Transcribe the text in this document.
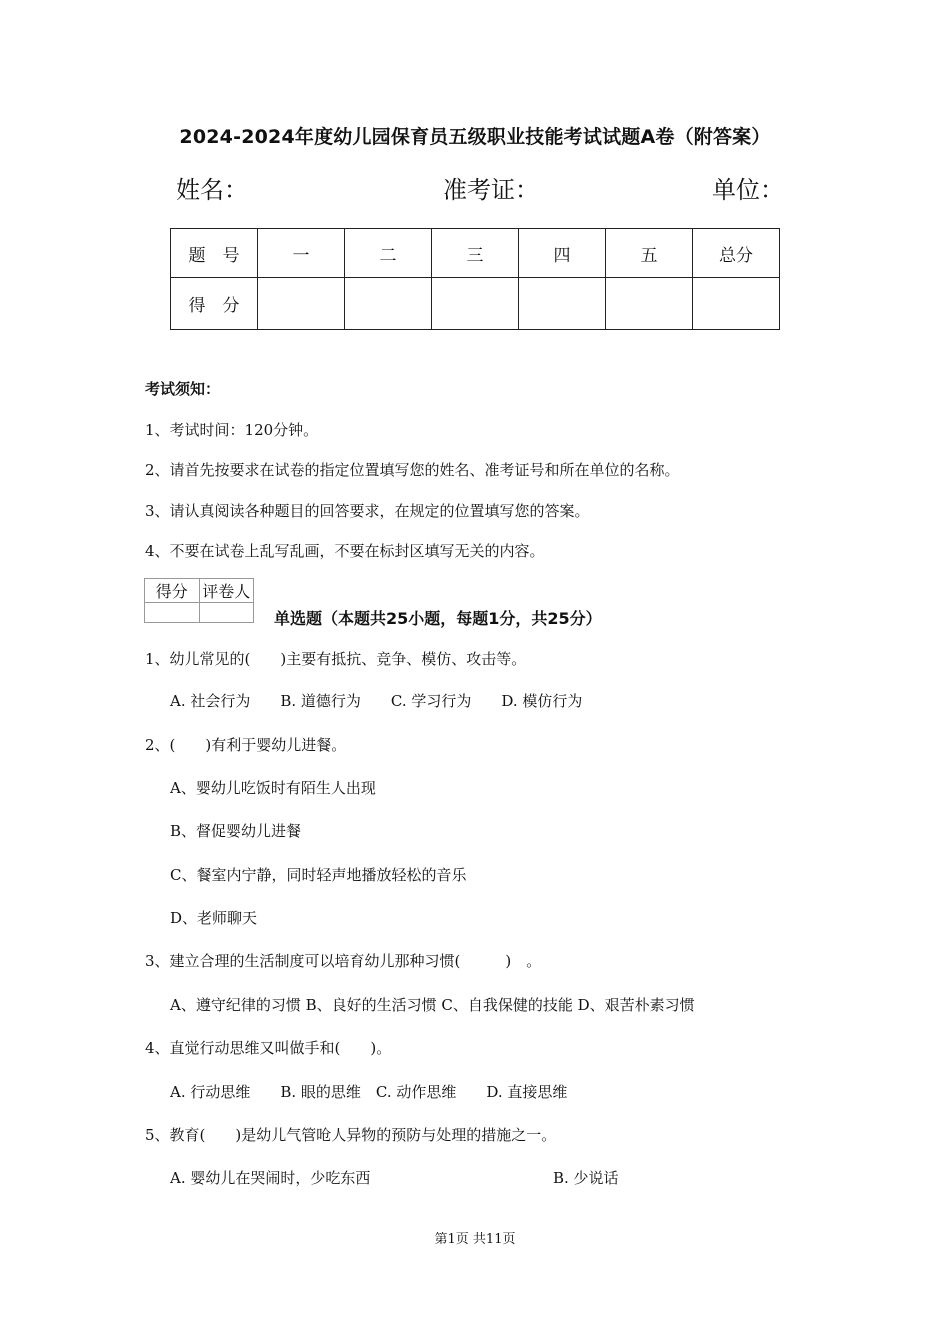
2024-2024年度幼儿园保育员五级职业技能考试试题A卷（附答案）
姓名：	准考证：	单位：
题　号	一	二	三	四	五	总分
得　分						
考试须知：
1、考试时间：120分钟。
2、请首先按要求在试卷的指定位置填写您的姓名、准考证号和所在单位的名称。
3、请认真阅读各种题目的回答要求，在规定的位置填写您的答案。
4、不要在试卷上乱写乱画，不要在标封区填写无关的内容。
得分	评卷人

单选题（本题共25小题，每题1分，共25分）
1、幼儿常见的(　　)主要有抵抗、竞争、模仿、攻击等。
A. 社会行为　　B. 道德行为　　C. 学习行为　　D. 模仿行为
2、(　　)有利于婴幼儿进餐。
A、婴幼儿吃饭时有陌生人出现
B、督促婴幼儿进餐
C、餐室内宁静，同时轻声地播放轻松的音乐
D、老师聊天
3、建立合理的生活制度可以培育幼儿那种习惯(　　　)　。
A、遵守纪律的习惯 B、良好的生活习惯 C、自我保健的技能 D、艰苦朴素习惯
4、直觉行动思维又叫做手和(　　)。
A. 行动思维　　B. 眼的思维　C. 动作思维　　D. 直接思维
5、教育(　　)是幼儿气管呛人异物的预防与处理的措施之一。
A. 婴幼儿在哭闹时，少吃东西	B. 少说话
第1页 共11页
